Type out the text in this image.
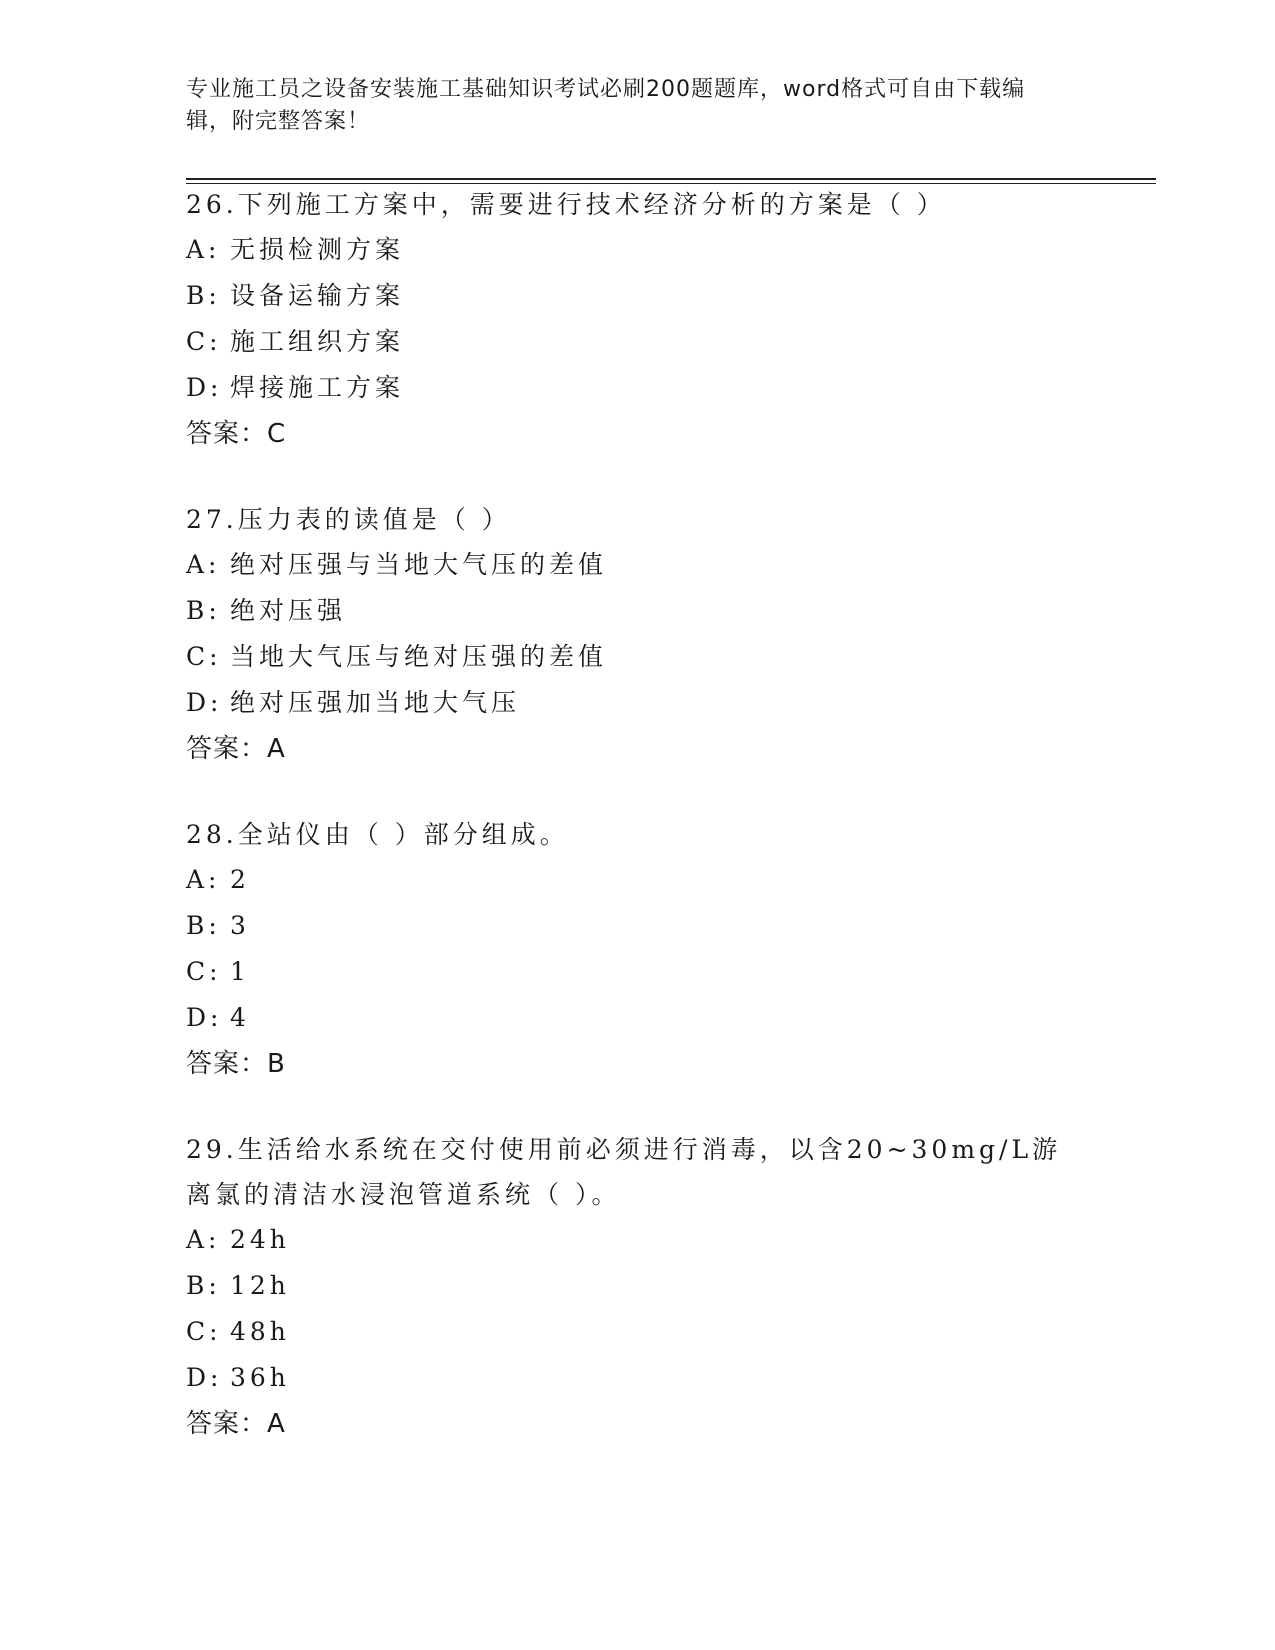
专业施工员之设备安装施工基础知识考试必刷200题题库，word格式可自由下载编辑，附完整答案！

26.下列施工方案中，需要进行技术经济分析的方案是（ ）

A: 无损检测方案

B: 设备运输方案

C: 施工组织方案

D: 焊接施工方案

答案：C

27.压力表的读值是（ ）

A: 绝对压强与当地大气压的差值

B: 绝对压强

C: 当地大气压与绝对压强的差值

D: 绝对压强加当地大气压

答案：A

28.全站仪由（ ）部分组成。

A: 2

B: 3

C: 1

D: 4

答案：B

29.生活给水系统在交付使用前必须进行消毒，以含20~30mg/L游离氯的清洁水浸泡管道系统（ ）。

A: 24h

B: 12h

C: 48h

D: 36h

答案：A
